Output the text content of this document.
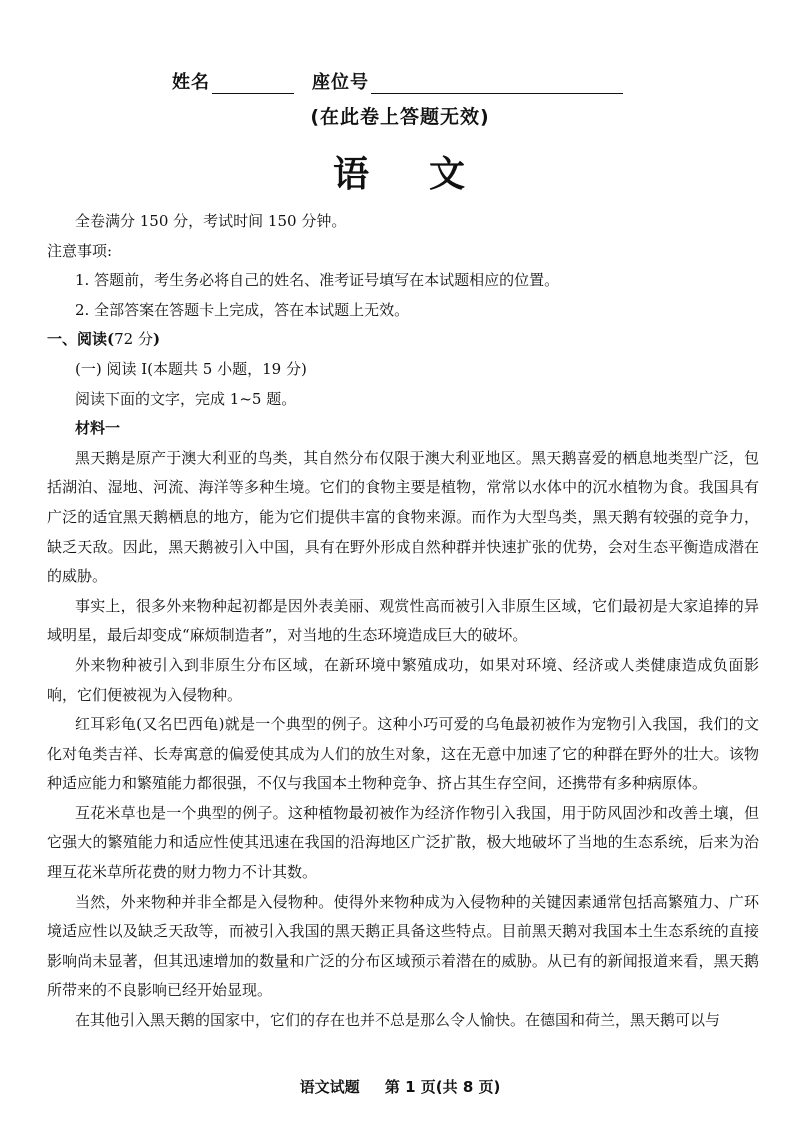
姓名	座位号
(在此卷上答题无效)
语文

全卷满分 150 分，考试时间 150 分钟。

注意事项:

1. 答题前，考生务必将自己的姓名、准考证号填写在本试题相应的位置。

2. 全部答案在答题卡上完成，答在本试题上无效。

一、阅读(72 分)

(一) 阅读 Ⅰ(本题共 5 小题，19 分)

阅读下面的文字，完成 1~5 题。

材料一

黑天鹅是原产于澳大利亚的鸟类，其自然分布仅限于澳大利亚地区。黑天鹅喜爱的栖息地类型广泛，包括湖泊、湿地、河流、海洋等多种生境。它们的食物主要是植物，常常以水体中的沉水植物为食。我国具有广泛的适宜黑天鹅栖息的地方，能为它们提供丰富的食物来源。而作为大型鸟类，黑天鹅有较强的竞争力，缺乏天敌。因此，黑天鹅被引入中国，具有在野外形成自然种群并快速扩张的优势，会对生态平衡造成潜在的威胁。

事实上，很多外来物种起初都是因外表美丽、观赏性高而被引入非原生区域，它们最初是大家追捧的异域明星，最后却变成“麻烦制造者”，对当地的生态环境造成巨大的破坏。

外来物种被引入到非原生分布区域，在新环境中繁殖成功，如果对环境、经济或人类健康造成负面影响，它们便被视为入侵物种。

红耳彩龟(又名巴西龟)就是一个典型的例子。这种小巧可爱的乌龟最初被作为宠物引入我国，我们的文化对龟类吉祥、长寿寓意的偏爱使其成为人们的放生对象，这在无意中加速了它的种群在野外的壮大。该物种适应能力和繁殖能力都很强，不仅与我国本土物种竞争、挤占其生存空间，还携带有多种病原体。

互花米草也是一个典型的例子。这种植物最初被作为经济作物引入我国，用于防风固沙和改善土壤，但它强大的繁殖能力和适应性使其迅速在我国的沿海地区广泛扩散，极大地破坏了当地的生态系统，后来为治理互花米草所花费的财力物力不计其数。

当然，外来物种并非全都是入侵物种。使得外来物种成为入侵物种的关键因素通常包括高繁殖力、广环境适应性以及缺乏天敌等，而被引入我国的黑天鹅正具备这些特点。目前黑天鹅对我国本土生态系统的直接影响尚未显著，但其迅速增加的数量和广泛的分布区域预示着潜在的威胁。从已有的新闻报道来看，黑天鹅所带来的不良影响已经开始显现。

在其他引入黑天鹅的国家中，它们的存在也并不总是那么令人愉快。在德国和荷兰，黑天鹅可以与

语文试题 第 1 页(共 8 页)
